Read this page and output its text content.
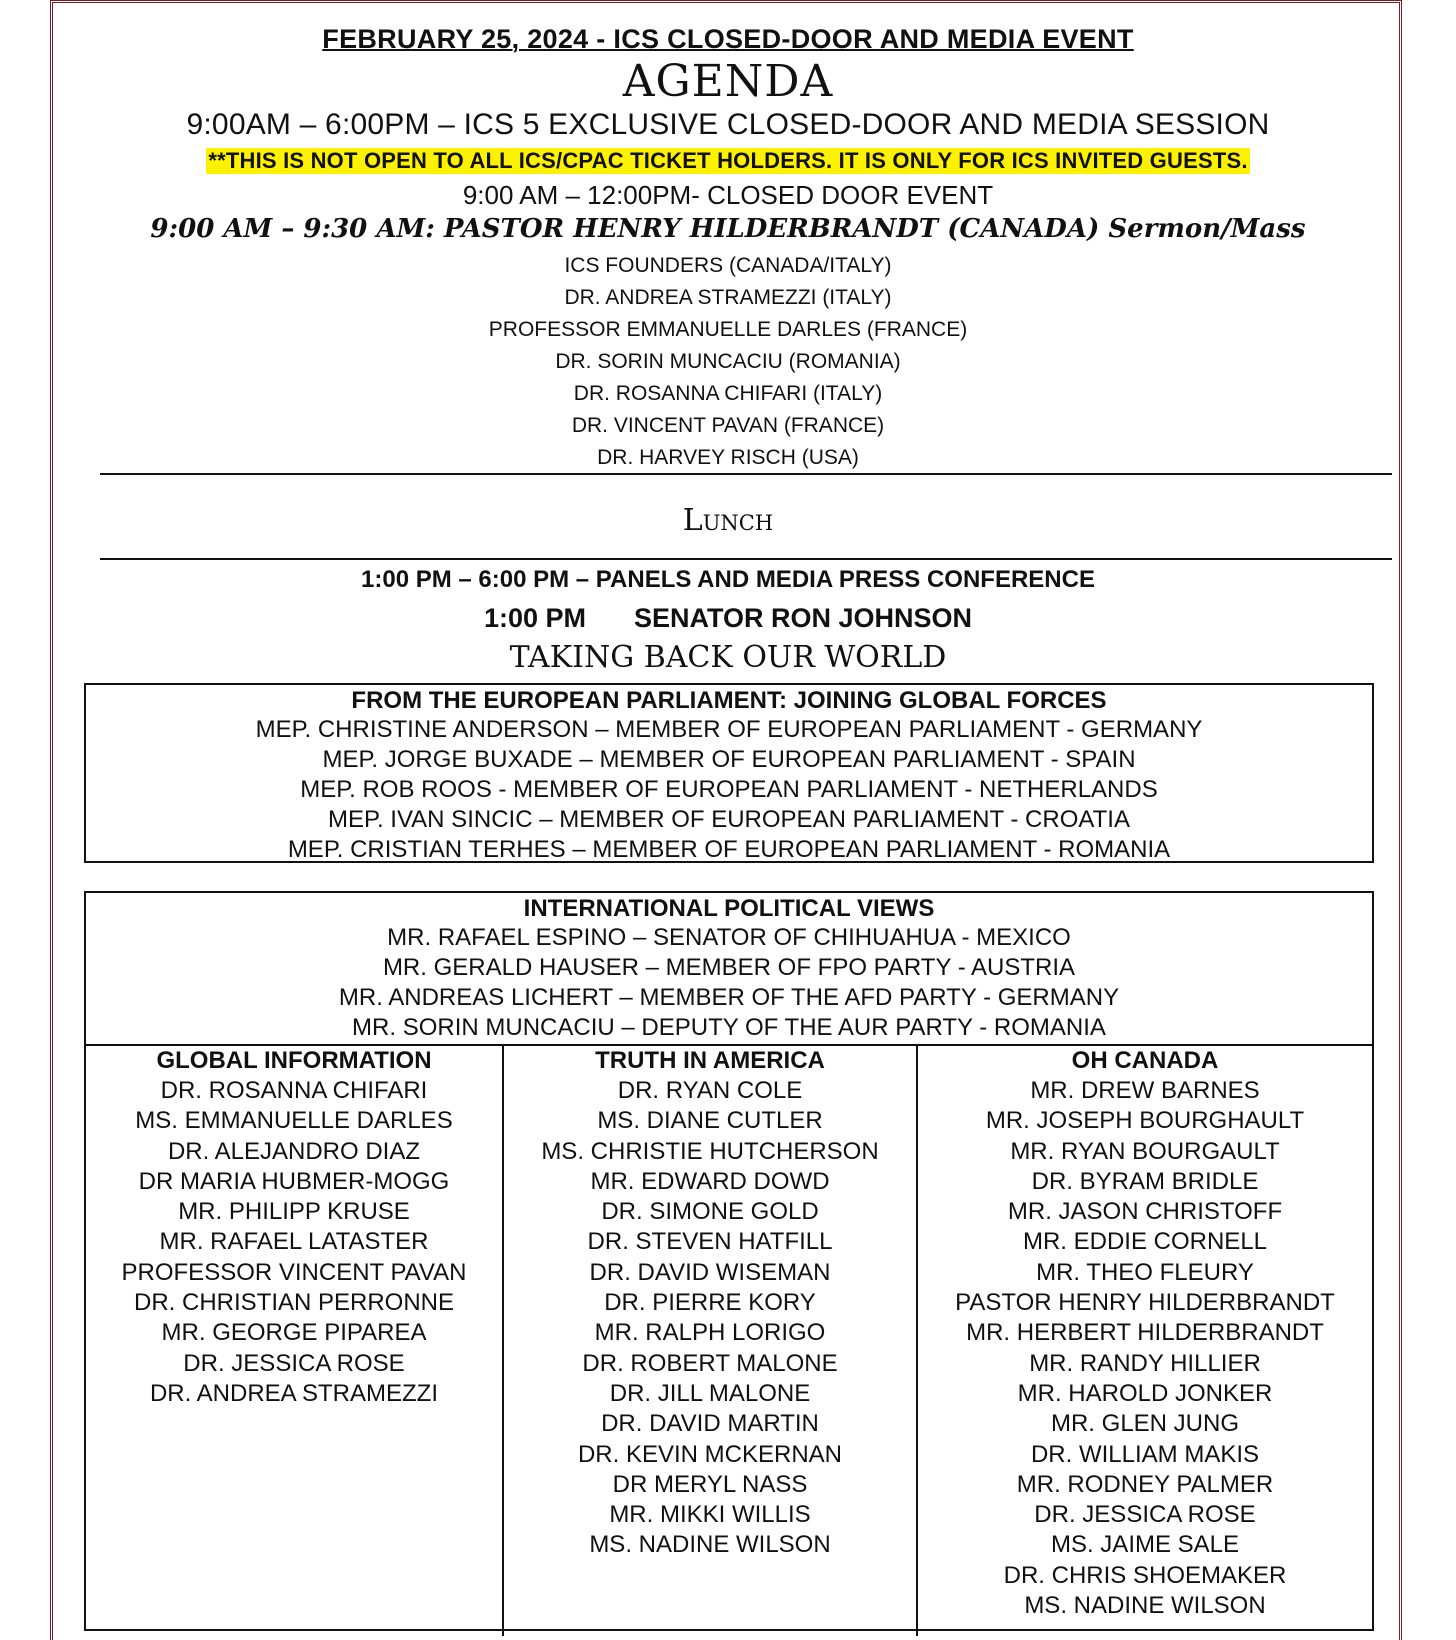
FEBRUARY 25, 2024 - ICS CLOSED-DOOR AND MEDIA EVENT
AGENDA
9:00AM – 6:00PM – ICS 5 EXCLUSIVE CLOSED-DOOR AND MEDIA SESSION
**THIS IS NOT OPEN TO ALL ICS/CPAC TICKET HOLDERS. IT IS ONLY FOR ICS INVITED GUESTS.
9:00 AM – 12:00PM- CLOSED DOOR EVENT
9:00 AM – 9:30 AM: PASTOR HENRY HILDERBRANDT (CANADA) Sermon/Mass
ICS FOUNDERS (CANADA/ITALY)
DR. ANDREA STRAMEZZI (ITALY)
PROFESSOR EMMANUELLE DARLES (FRANCE)
DR. SORIN MUNCACIU (ROMANIA)
DR. ROSANNA CHIFARI (ITALY)
DR. VINCENT PAVAN (FRANCE)
DR. HARVEY RISCH (USA)
Lunch
1:00 PM – 6:00 PM – PANELS AND MEDIA PRESS CONFERENCE
1:00 PM SENATOR RON JOHNSON
TAKING BACK OUR WORLD
FROM THE EUROPEAN PARLIAMENT: JOINING GLOBAL FORCES
MEP. CHRISTINE ANDERSON – MEMBER OF EUROPEAN PARLIAMENT - GERMANY
MEP. JORGE BUXADE – MEMBER OF EUROPEAN PARLIAMENT - SPAIN
MEP. ROB ROOS - MEMBER OF EUROPEAN PARLIAMENT - NETHERLANDS
MEP. IVAN SINCIC – MEMBER OF EUROPEAN PARLIAMENT - CROATIA
MEP. CRISTIAN TERHES – MEMBER OF EUROPEAN PARLIAMENT - ROMANIA
INTERNATIONAL POLITICAL VIEWS
MR. RAFAEL ESPINO – SENATOR OF CHIHUAHUA - MEXICO
MR. GERALD HAUSER – MEMBER OF FPO PARTY - AUSTRIA
MR. ANDREAS LICHERT – MEMBER OF THE AFD PARTY - GERMANY
MR. SORIN MUNCACIU – DEPUTY OF THE AUR PARTY - ROMANIA
GLOBAL INFORMATION
DR. ROSANNA CHIFARI
MS. EMMANUELLE DARLES
DR. ALEJANDRO DIAZ
DR MARIA HUBMER-MOGG
MR. PHILIPP KRUSE
MR. RAFAEL LATASTER
PROFESSOR VINCENT PAVAN
DR. CHRISTIAN PERRONNE
MR. GEORGE PIPAREA
DR. JESSICA ROSE
DR. ANDREA STRAMEZZI
TRUTH IN AMERICA
DR. RYAN COLE
MS. DIANE CUTLER
MS. CHRISTIE HUTCHERSON
MR. EDWARD DOWD
DR. SIMONE GOLD
DR. STEVEN HATFILL
DR. DAVID WISEMAN
DR. PIERRE KORY
MR. RALPH LORIGO
DR. ROBERT MALONE
DR. JILL MALONE
DR. DAVID MARTIN
DR. KEVIN MCKERNAN
DR MERYL NASS
MR. MIKKI WILLIS
MS. NADINE WILSON
OH CANADA
MR. DREW BARNES
MR. JOSEPH BOURGHAULT
MR. RYAN BOURGAULT
DR. BYRAM BRIDLE
MR. JASON CHRISTOFF
MR. EDDIE CORNELL
MR. THEO FLEURY
PASTOR HENRY HILDERBRANDT
MR. HERBERT HILDERBRANDT
MR. RANDY HILLIER
MR. HAROLD JONKER
MR. GLEN JUNG
DR. WILLIAM MAKIS
MR. RODNEY PALMER
DR. JESSICA ROSE
MS. JAIME SALE
DR. CHRIS SHOEMAKER
MS. NADINE WILSON
